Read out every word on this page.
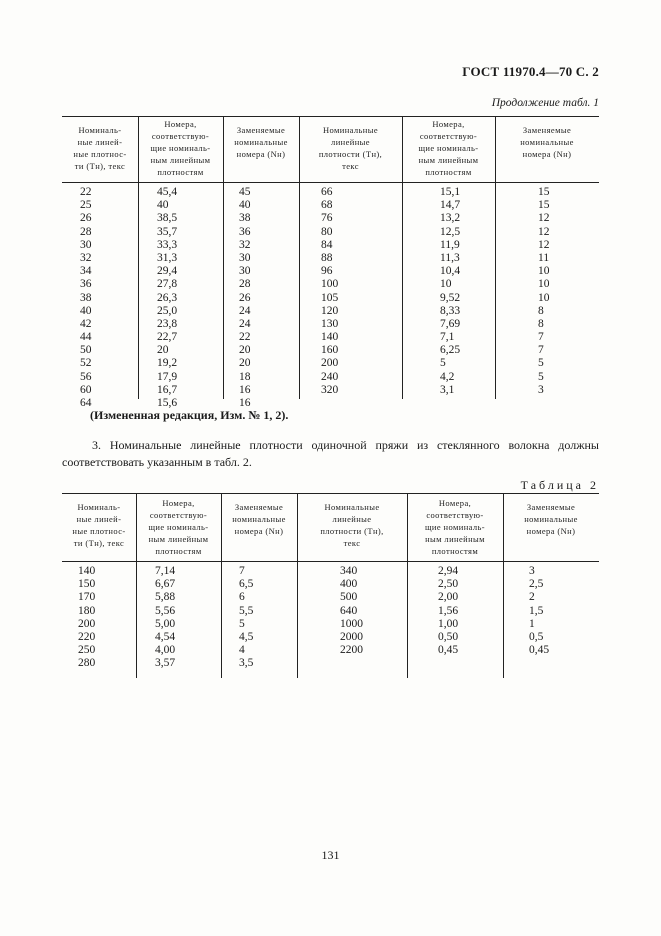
ГОСТ 11970.4—70 С. 2
Продолжение табл. 1
Номиналь-
ные линей-
ные плотнос-
ти (Tн), текс
Номера,
соответствую-
щие номиналь-
ным линейным
плотностям
Заменяемые
номинальные
номера (Nн)
Номинальные
линейные
плотности (Tн),
текс
Номера,
соответствую-
щие номиналь-
ным линейным
плотностям
Заменяемые
номинальные
номера (Nн)
22
25
26
28
30
32
34
36
38
40
42
44
50
52
56
60
64
45,4
40
38,5
35,7
33,3
31,3
29,4
27,8
26,3
25,0
23,8
22,7
20
19,2
17,9
16,7
15,6
45
40
38
36
32
30
30
28
26
24
24
22
20
20
18
16
16
66
68
76
80
84
88
96
100
105
120
130
140
160
200
240
320
15,1
14,7
13,2
12,5
11,9
11,3
10,4
10
9,52
8,33
7,69
7,1
6,25
5
4,2
3,1
15
15
12
12
12
11
10
10
10
8
8
7
7
5
5
3
(Измененная редакция, Изм. № 1, 2).
3. Номинальные линейные плотности одиночной пряжи из стеклянного волокна должны соответствовать указанным в табл. 2.
Таблица 2
Номиналь-
ные линей-
ные плотнос-
ти (Tн), текс
Номера,
соответствую-
щие номиналь-
ным линейным
плотностям
Заменяемые
номинальные
номера (Nн)
Номинальные
линейные
плотности (Tн),
текс
Номера,
соответствую-
щие номиналь-
ным линейным
плотностям
Заменяемые
номинальные
номера (Nн)
140
150
170
180
200
220
250
280
7,14
6,67
5,88
5,56
5,00
4,54
4,00
3,57
7
6,5
6
5,5
5
4,5
4
3,5
340
400
500
640
1000
2000
2200
2,94
2,50
2,00
1,56
1,00
0,50
0,45
3
2,5
2
1,5
1
0,5
0,45
131
